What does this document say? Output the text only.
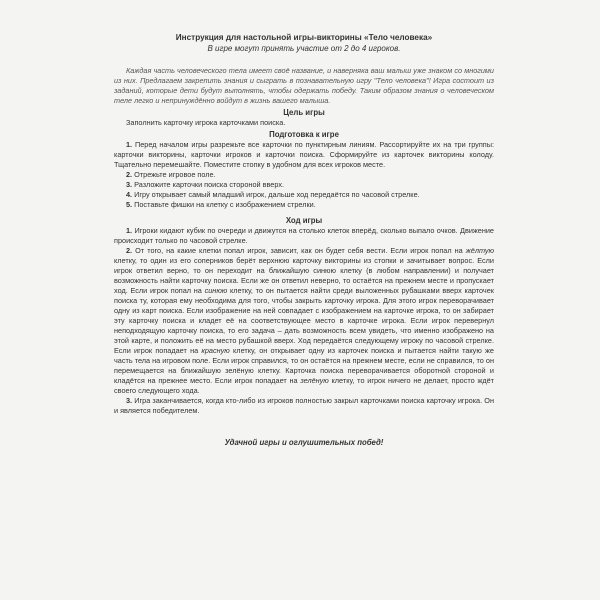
Инструкция для настольной игры-викторины «Тело человека»

В игре могут принять участие от 2 до 4 игроков.

Каждая часть человеческого тела имеет своё название, и наверняка ваш малыш уже знаком со многими из них. Предлагаем закрепить знания и сыграть в познавательную игру "Тело человека"! Игра состоит из заданий, которые дети будут выполнять, чтобы одержать победу. Таким образом знания о человеческом теле легко и непринуждённо войдут в жизнь вашего малыша.

Цель игры

Заполнить карточку игрока карточками поиска.

Подготовка к игре

1. Перед началом игры разрежьте все карточки по пунктирным линиям. Рассортируйте их на три группы: карточки викторины, карточки игроков и карточки поиска. Сформируйте из карточек викторины колоду. Тщательно перемешайте. Поместите стопку в удобном для всех игроков месте.

2. Отрежьте игровое поле.

3. Разложите карточки поиска стороной вверх.

4. Игру открывает самый младший игрок, дальше ход передаётся по часовой стрелке.

5. Поставьте фишки на клетку с изображением стрелки.

Ход игры

1. Игроки кидают кубик по очереди и движутся на столько клеток вперёд, сколько выпало очков. Движение происходит только по часовой стрелке.

2. От того, на какие клетки попал игрок, зависит, как он будет себя вести. Если игрок попал на жёлтую клетку, то один из его соперников берёт верхнюю карточку викторины из стопки и зачитывает вопрос. Если игрок ответил верно, то он переходит на ближайшую синюю клетку (в любом направлении) и получает возможность найти карточку поиска. Если же он ответил неверно, то остаётся на прежнем месте и пропускает ход. Если игрок попал на синюю клетку, то он пытается найти среди выложенных рубашками вверх карточек поиска ту, которая ему необходима для того, чтобы закрыть карточку игрока. Для этого игрок переворачивает одну из карт поиска. Если изображение на ней совпадает с изображением на карточке игрока, то он забирает эту карточку поиска и кладет её на соответствующее место в карточке игрока. Если игрок перевернул неподходящую карточку поиска, то его задача – дать возможность всем увидеть, что именно изображено на этой карте, и положить её на место рубашкой вверх. Ход передаётся следующему игроку по часовой стрелке. Если игрок попадает на красную клетку, он открывает одну из карточек поиска и пытается найти такую же часть тела на игровом поле. Если игрок справился, то он остаётся на прежнем месте, если не справился, то он перемещается на ближайшую зелёную клетку. Карточка поиска переворачивается оборотной стороной и кладётся на прежнее место. Если игрок попадает на зелёную клетку, то игрок ничего не делает, просто ждёт своего следующего хода.

3. Игра заканчивается, когда кто-либо из игроков полностью закрыл карточками поиска карточку игрока. Он и является победителем.

Удачной игры и оглушительных побед!
